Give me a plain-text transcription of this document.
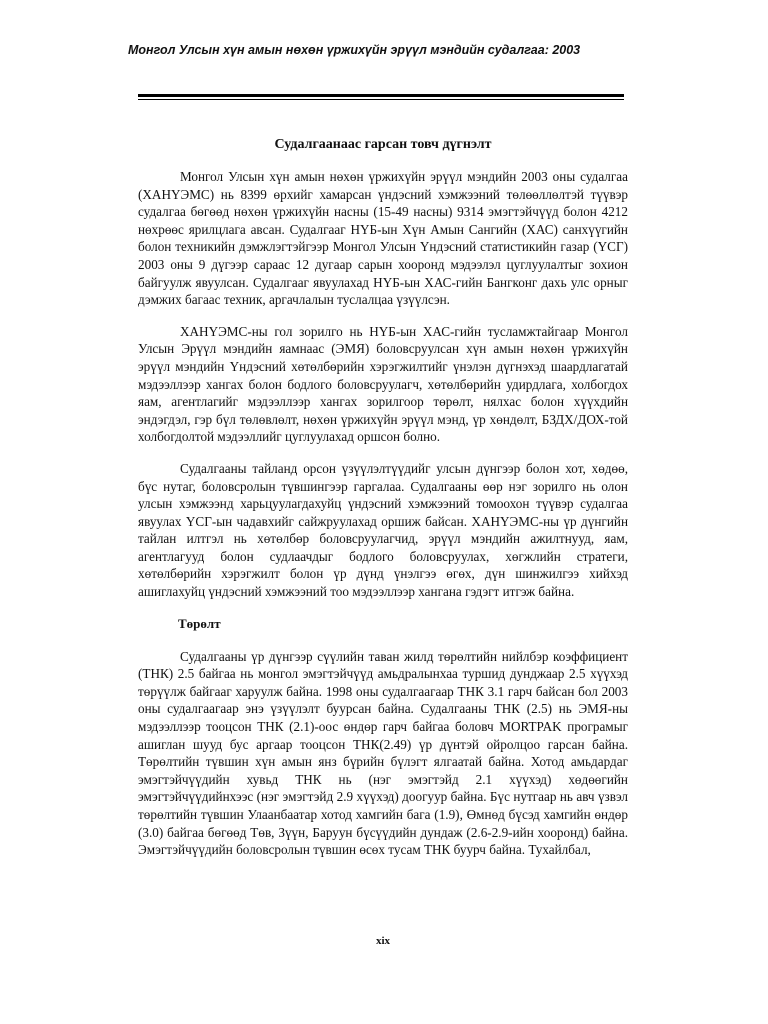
Монгол Улсын хүн амын нөхөн үржихүйн эрүүл мэндийн судалгаа: 2003
Судалгаанаас гарсан товч дүгнэлт

Монгол Улсын хүн амын нөхөн үржихүйн эрүүл мэндийн 2003 оны судалгаа (ХАНҮЭМС) нь 8399 өрхийг хамарсан үндэсний хэмжээний төлөөллөлтэй түүвэр судалгаа бөгөөд нөхөн үржихүйн насны (15-49 насны) 9314 эмэгтэйчүүд болон 4212 нөхрөөс ярилцлага авсан. Судалгааг НҮБ-ын Хүн Амын Сангийн (ХАС) санхүүгийн болон техникийн дэмжлэгтэйгээр Монгол Улсын Үндэсний статистикийн газар (ҮСГ) 2003 оны 9 дүгээр сараас 12 дугаар сарын хооронд мэдээлэл цуглуулалтыг зохион байгуулж явуулсан. Судалгааг явуулахад НҮБ-ын ХАС-гийн Бангконг дахь улс орныг дэмжих багаас техник, аргачлалын туслалцаа үзүүлсэн.

ХАНҮЭМС-ны гол зорилго нь НҮБ-ын ХАС-гийн тусламжтайгаар Монгол Улсын Эрүүл мэндийн яамнаас (ЭМЯ) боловсруулсан хүн амын нөхөн үржихүйн эрүүл мэндийн Үндэсний хөтөлбөрийн хэрэгжилтийг үнэлэн дүгнэхэд шаардлагатай мэдээллээр хангах болон бодлого боловсруулагч, хөтөлбөрийн удирдлага, холбогдох яам, агентлагийг мэдээллээр хангах зорилгоор төрөлт, нялхас болон хүүхдийн эндэгдэл, гэр бүл төлөвлөлт, нөхөн үржихүйн эрүүл мэнд, үр хөндөлт, БЗДХ/ДОХ-той холбогдолтой мэдээллийг цуглуулахад оршсон болно.

Судалгааны тайланд орсон үзүүлэлтүүдийг улсын дүнгээр болон хот, хөдөө, бүс нутаг, боловсролын түвшингээр гаргалаа. Судалгааны өөр нэг зорилго нь олон улсын хэмжээнд харьцуулагдахуйц үндэсний хэмжээний томоохон түүвэр судалгаа явуулах ҮСГ-ын чадавхийг сайжруулахад оршиж байсан. ХАНҮЭМС-ны үр дүнгийн тайлан илтгэл нь хөтөлбөр боловсруулагчид, эрүүл мэндийн ажилтнууд, яам, агентлагууд болон судлаачдыг бодлого боловсруулах, хөгжлийн стратеги, хөтөлбөрийн хэрэгжилт болон үр дүнд үнэлгээ өгөх, дүн шинжилгээ хийхэд ашиглахуйц үндэсний хэмжээний тоо мэдээллээр хангана гэдэгт итгэж байна.

Төрөлт

Судалгааны үр дүнгээр сүүлийн таван жилд төрөлтийн нийлбэр коэффициент (ТНК) 2.5 байгаа нь монгол эмэгтэйчүүд амьдралынхаа туршид дунджаар 2.5 хүүхэд төрүүлж байгааг харуулж байна. 1998 оны судалгаагаар ТНК 3.1 гарч байсан бол 2003 оны судалгаагаар энэ үзүүлэлт буурсан байна. Судалгааны ТНК (2.5) нь ЭМЯ-ны мэдээллээр тооцсон ТНК (2.1)-оос өндөр гарч байгаа боловч MORTPAK програмыг ашиглан шууд бус аргаар тооцсон ТНК(2.49) үр дүнтэй ойролцоо гарсан байна. Төрөлтийн түвшин хүн амын янз бүрийн бүлэгт ялгаатай байна. Хотод амьдардаг эмэгтэйчүүдийн хувьд ТНК нь (нэг эмэгтэйд 2.1 хүүхэд) хөдөөгийн эмэгтэйчүүдийнхээс (нэг эмэгтэйд 2.9 хүүхэд) доогуур байна. Бүс нутгаар нь авч үзвэл төрөлтийн түвшин Улаанбаатар хотод хамгийн бага (1.9), Өмнөд бүсэд хамгийн өндөр (3.0) байгаа бөгөөд Төв, Зүүн, Баруун бүсүүдийн дундаж (2.6-2.9-ийн хооронд) байна. Эмэгтэйчүүдийн боловсролын түвшин өсөх тусам ТНК буурч байна. Тухайлбал,

xix
